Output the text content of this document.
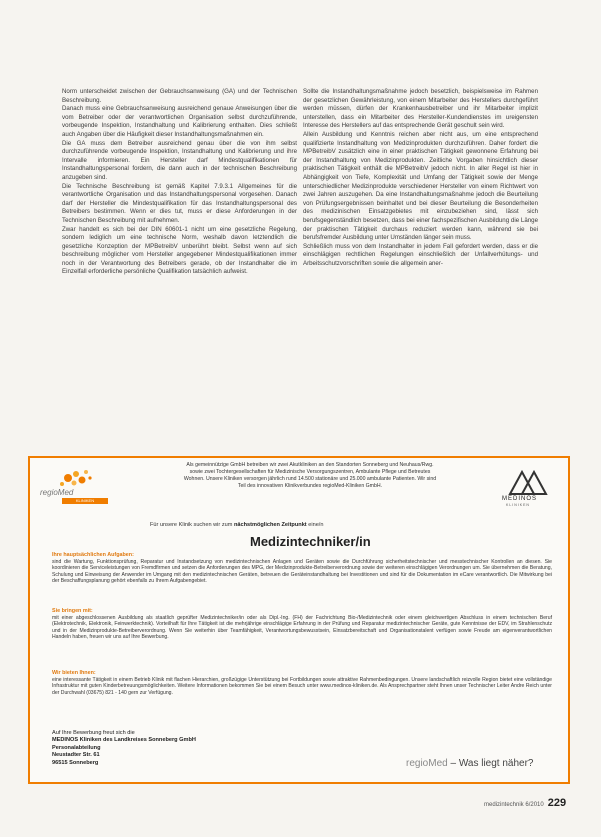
Norm unterscheidet zwischen der Gebrauchsanweisung (GA) und der Technischen Beschreibung.

Danach muss eine Gebrauchsanweisung ausreichend genaue Anweisungen über die vom Betreiber oder der verantwortlichen Organisation selbst durchzuführende, vorbeugende Inspektion, Instandhaltung und Kalibrierung enthalten. Dies schließt auch Angaben über die Häufigkeit dieser Instandhaltungsmaßnahmen ein.

Die GA muss dem Betreiber ausreichend genau über die von ihm selbst durchzuführende vorbeugende Inspektion, Instandhaltung und Kalibrierung und ihre Intervalle informieren. Ein Hersteller darf Mindestqualifikationen für Instandhaltungspersonal fordern, die dann auch in der technischen Beschreibung anzugeben sind.

Die Technische Beschreibung ist gemäß Kapitel 7.9.3.1 Allgemeines für die verantwortliche Organisation und das Instandhaltungspersonal vorgesehen. Danach darf der Hersteller die Mindestqualifikation für das Instandhaltungspersonal des Betreibers bestimmen. Wenn er dies tut, muss er diese Anforderungen in der Technischen Beschreibung mit aufnehmen.

Zwar handelt es sich bei der DIN 60601-1 nicht um eine gesetzliche Regelung, sondern lediglich um eine technische Norm, weshalb davon letztendlich die gesetzliche Konzeption der MPBetreibV unberührt bleibt. Selbst wenn auf sich beschreibung möglicher vom Hersteller angegebener Mindestqualifikationen immer noch in der Verantwortung des Betreibers gerade, ob der Instandhalter die im Einzelfall erforderliche persönliche Qualifikation tatsächlich aufweist.

Sollte die Instandhaltungsmaßnahme jedoch besetzlich, beispielsweise im Rahmen der gesetzlichen Gewährleistung, von einem Mitarbeiter des Herstellers durchgeführt werden müssen, dürfen der Krankenhausbetreiber und ihr Mitarbeiter implizit unterstellen, dass ein Mitarbeiter des Hersteller-Kundendienstes im ureigensten Interesse des Herstellers auf das entsprechende Gerät geschult sein wird.

Allein Ausbildung und Kenntnis reichen aber nicht aus, um eine entsprechend qualifizierte Instandhaltung von Medizinprodukten durchzuführen. Daher fordert die MPBetreibV zusätzlich eine in einer praktischen Tätigkeit gewonnene Erfahrung bei der Instandhaltung von Medizinprodukten. Zeitliche Vorgaben hinsichtlich dieser praktischen Tätigkeit enthält die MPBetreibV jedoch nicht. In aller Regel ist hier in Abhängigkeit von Tiefe, Komplexität und Umfang der Tätigkeit sowie der Menge unterschiedlicher Medizinprodukte verschiedener Hersteller von einem Richtwert von zwei Jahren auszugehen. Da eine Instandhaltungsmaßnahme jedoch die Beurteilung von Prüfungsergebnissen beinhaltet und bei dieser Beurteilung die Besonderheiten des medizinischen Einsatzgebietes mit einzubeziehen sind, lässt sich berufsgegenständlich besetzen, dass bei einer fachspezifischen Ausbildung die Länge der praktischen Tätigkeit durchaus reduziert werden kann, während sie bei berufsfremder Ausbildung unter Umständen länger sein muss.

Schließlich muss von dem Instandhalter in jedem Fall gefordert werden, dass er die einschlägigen rechtlichen Regelungen einschließlich der Unfallverhütungs- und Arbeitsschutzvorschriften sowie die allgemein aner-

regioMed
KLINIKEN
Als gemeinnützige GmbH betreiben wir zwei Akutkliniken an den Standorten Sonneberg und Neuhaus/Rwg. sowie zwei Tochtergesellschaften für Medizinische Versorgungszentren, Ambulante Pflege und Betreutes Wohnen. Unsere Kliniken versorgen jährlich rund 14.500 stationäre und 25.000 ambulante Patienten. Wir sind Teil des innovativen Klinikverbundes regioMed-Kliniken GmbH.
MEDINOS
KLINIKEN
Für unsere Klinik suchen wir zum nächstmöglichen Zeitpunkt eine/n
Medizintechniker/in
Ihre hauptsächlichen Aufgaben:
sind die Wartung, Funktionsprüfung, Reparatur und Instandsetzung von medizintechnischen Anlagen und Geräten sowie die Durchführung sicherheitstechnischer und messtechnischer Kontrollen an diesen. Sie koordinieren die Serviceleistungen von Fremdfirmen und setzen die Anforderungen des MPG, der Medizinprodukte-Betreiberverordnung sowie der weiteren einschlägigen Verordnungen um. Sie übernehmen die Beratung, Schulung und Einweisung der Anwender im Umgang mit den medizintechnischen Geräten, betreuen die Geräteinstandhaltung bei Investitionen und sind für die Dokumentation im eCare verantwortlich. Die Mitwirkung bei der Beschaffungsplanung gehört ebenfalls zu Ihrem Aufgabengebiet.
Sie bringen mit:
mit einer abgeschlossenen Ausbildung als staatlich geprüfter Medizintechniker/in oder als Dipl.-Ing. (FH) der Fachrichtung Bio-/Medizintechnik oder einem gleichwertigen Abschluss in einem technischen Beruf (Elektrotechnik, Elektronik, Feinwerktechnik). Vorteilhaft für Ihre Tätigkeit ist die mehrjährige einschlägige Erfahrung in der Prüfung und Reparatur medizintechnischer Geräte, gute Kenntnisse der EDV, im Strahlenschutz und in der Medizinprodukte-Betreiberverordnung. Wenn Sie weiterhin über Teamfähigkeit, Verantwortungsbewusstsein, Einsatzbereitschaft und Organisationstalent verfügen sowie Freude am eigenverantwortlichen Handeln haben, freuen wir uns auf Ihre Bewerbung.
Wir bieten Ihnen:
eine interessante Tätigkeit in einem Betrieb Klinik mit flachen Hierarchien, großzügige Unterstützung bei Fortbildungen sowie attraktive Rahmenbedingungen. Unsere landschaftlich reizvolle Region bietet eine vollständige Infrastruktur mit guten Kinderbetreuungsmöglichkeiten. Weitere Informationen bekommen Sie bei einem Besuch unter www.medinos-kliniken.de. Als Ansprechpartner steht Ihnen unser Technischer Leiter Andre Reich unter der Durchwahl (03675) 821 - 140 gern zur Verfügung.
Auf Ihre Bewerbung freut sich die
MEDINOS Kliniken des Landkreises Sonneberg GmbH
Personalabteilung
Neustadter Str. 61
96515 Sonneberg	regioMed – Was liegt näher?
medizintechnik 6/2010 229
